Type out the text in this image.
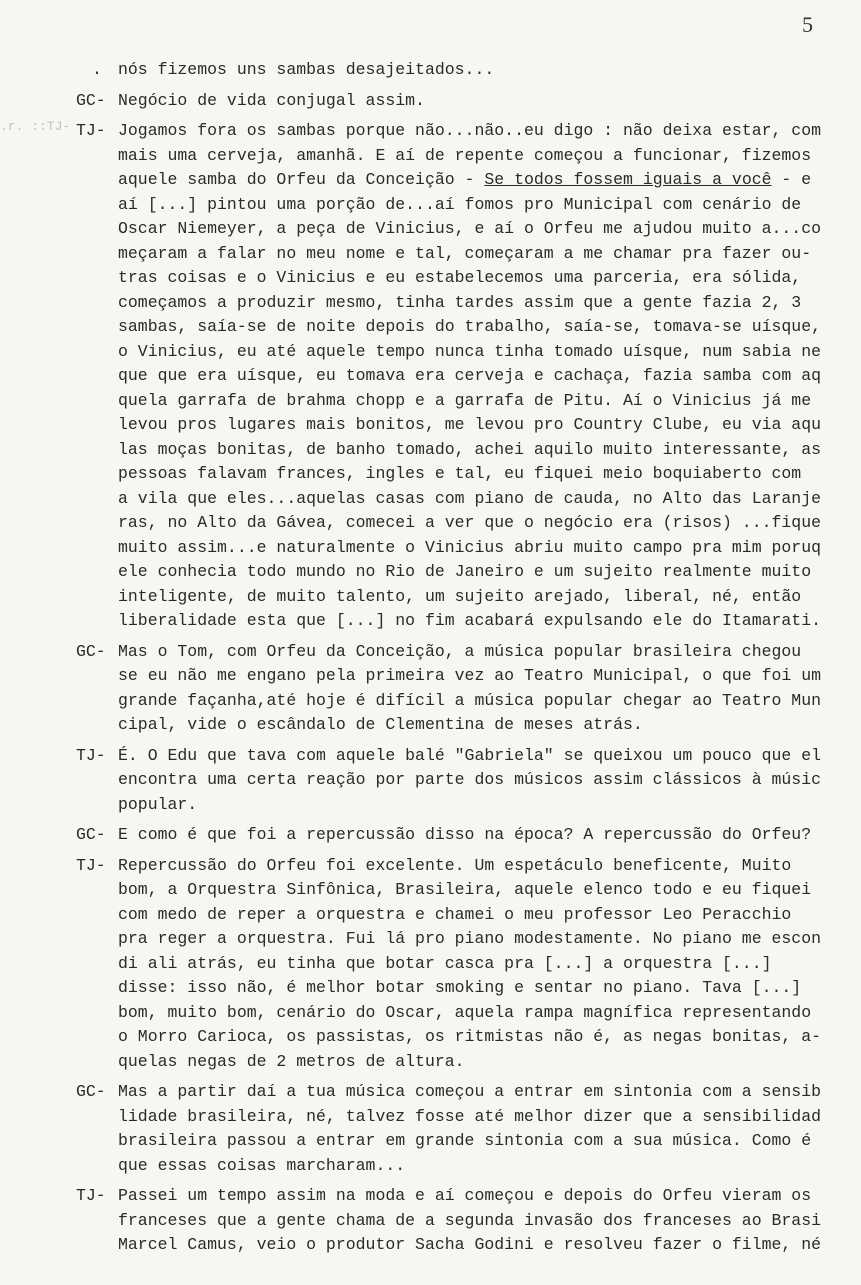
5
. nós fizemos uns sambas desajeitados...
GC- Negócio de vida conjugal assim.
.r. ::TJ- TJ- Jogamos fora os sambas porque não...não..eu digo : não deixa estar, com
mais uma cerveja, amanhã. E aí de repente começou a funcionar, fizemos
aquele samba do Orfeu da Conceição - Se todos fossem iguais a você - e
aí [...] pintou uma porção de...aí fomos pro Municipal com cenário de
Oscar Niemeyer, a peça de Vinicius, e aí o Orfeu me ajudou muito a...co
meçaram a falar no meu nome e tal, começaram a me chamar pra fazer ou-
tras coisas e o Vinicius e eu estabelecemos uma parceria, era sólida,
começamos a produzir mesmo, tinha tardes assim que a gente fazia 2, 3
sambas, saía-se de noite depois do trabalho, saía-se, tomava-se uísque,
o Vinicius, eu até aquele tempo nunca tinha tomado uísque, num sabia ne
que que era uísque, eu tomava era cerveja e cachaça, fazia samba com aq
quela garrafa de brahma chopp e a garrafa de Pitu. Aí o Vinicius já me
levou pros lugares mais bonitos, me levou pro Country Clube, eu via aqu
las moças bonitas, de banho tomado, achei aquilo muito interessante, as
pessoas falavam frances, ingles e tal, eu fiquei meio boquiaberto com
a vila que eles...aquelas casas com piano de cauda, no Alto das Laranje
ras, no Alto da Gávea, comecei a ver que o negócio era (risos) ...fique
muito assim...e naturalmente o Vinicius abriu muito campo pra mim poruq
ele conhecia todo mundo no Rio de Janeiro e um sujeito realmente muito
inteligente, de muito talento, um sujeito arejado, liberal, né, então
liberalidade esta que [...] no fim acabará expulsando ele do Itamarati.
GC- Mas o Tom, com Orfeu da Conceição, a música popular brasileira chegou
se eu não me engano pela primeira vez ao Teatro Municipal, o que foi um
grande façanha,até hoje é difícil a música popular chegar ao Teatro Mun
cipal, vide o escândalo de Clementina de meses atrás.
TJ- É. O Edu que tava com aquele balé "Gabriela" se queixou um pouco que el
encontra uma certa reação por parte dos músicos assim clássicos à músic
popular.
GC- E como é que foi a repercussão disso na época? A repercussão do Orfeu?
TJ- Repercussão do Orfeu foi excelente. Um espetáculo beneficente, Muito
bom, a Orquestra Sinfônica, Brasileira, aquele elenco todo e eu fiquei
com medo de reper a orquestra e chamei o meu professor Leo Peracchio
pra reger a orquestra. Fui lá pro piano modestamente. No piano me escon
di ali atrás, eu tinha que botar casca pra [...] a orquestra [...]
disse: isso não, é melhor botar smoking e sentar no piano. Tava [...]
bom, muito bom, cenário do Oscar, aquela rampa magnífica representando
o Morro Carioca, os passistas, os ritmistas não é, as negas bonitas, a-
quelas negas de 2 metros de altura.
GC- Mas a partir daí a tua música começou a entrar em sintonia com a sensib
lidade brasileira, né, talvez fosse até melhor dizer que a sensibilidad
brasileira passou a entrar em grande sintonia com a sua música. Como é
que essas coisas marcharam...
TJ- Passei um tempo assim na moda e aí começou e depois do Orfeu vieram os
franceses que a gente chama de a segunda invasão dos franceses ao Brasi
Marcel Camus, veio o produtor Sacha Godini e resolveu fazer o filme, né
